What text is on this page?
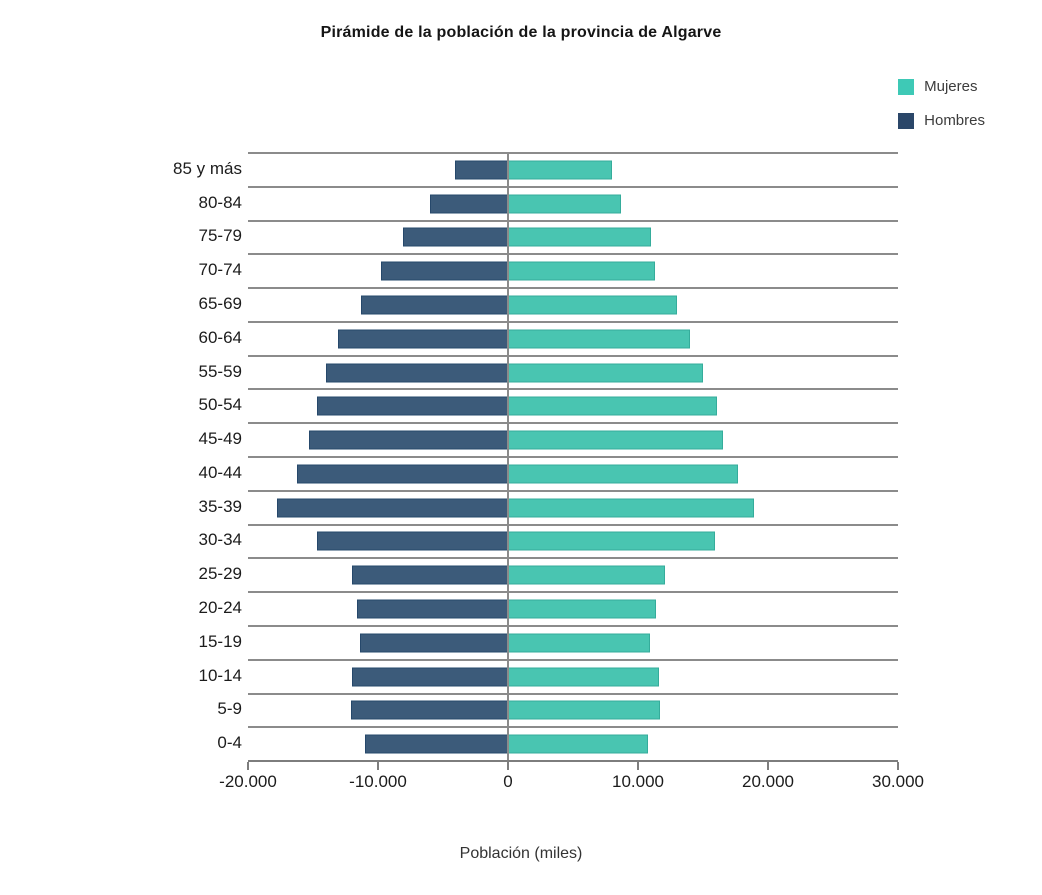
Pirámide de la población de la provincia de Algarve
Mujeres
Hombres
85 y más
80-84
75-79
70-74
65-69
60-64
55-59
50-54
45-49
40-44
35-39
30-34
25-29
20-24
15-19
10-14
5-9
0-4
-20.000	-10.000	0	10.000	20.000	30.000
Población (miles)
